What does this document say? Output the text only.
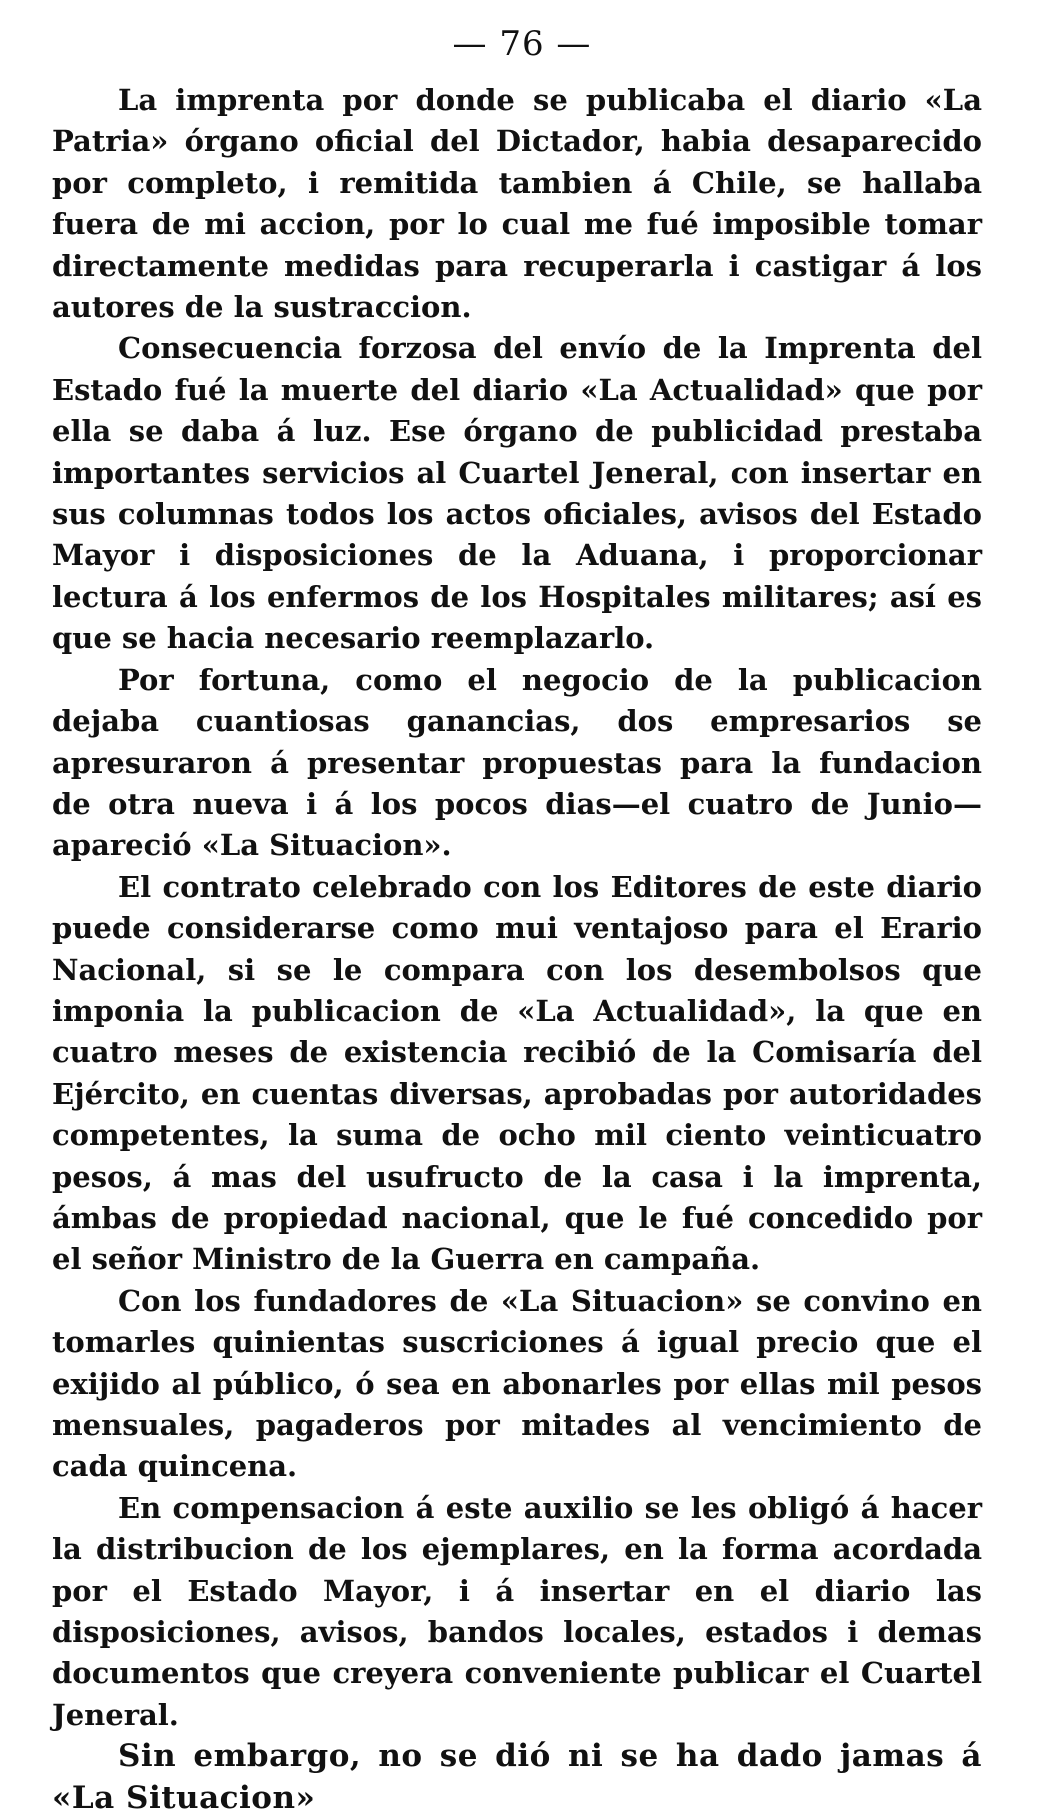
— 76 —

La imprenta por donde se publicaba el diario «La Patria» órgano oficial del Dictador, habia desaparecido por completo, i remitida tambien á Chile, se hallaba fuera de mi accion, por lo cual me fué imposible tomar directamente medidas para recuperarla i castigar á los autores de la sustraccion.

Consecuencia forzosa del envío de la Imprenta del Estado fué la muerte del diario «La Actualidad» que por ella se daba á luz. Ese órgano de publicidad prestaba importantes servicios al Cuartel Jeneral, con insertar en sus columnas todos los actos oficiales, avisos del Estado Mayor i disposiciones de la Aduana, i proporcionar lectura á los enfermos de los Hospitales militares; así es que se hacia necesario reemplazarlo.

Por fortuna, como el negocio de la publicacion dejaba cuantiosas ganancias, dos empresarios se apresuraron á presentar propuestas para la fundacion de otra nueva i á los pocos dias—el cuatro de Junio—apareció «La Situacion».

El contrato celebrado con los Editores de este diario puede considerarse como mui ventajoso para el Erario Nacional, si se le compara con los desembolsos que imponia la publicacion de «La Actualidad», la que en cuatro meses de existencia recibió de la Comisaría del Ejército, en cuentas diversas, aprobadas por autoridades competentes, la suma de ocho mil ciento veinticuatro pesos, á mas del usufructo de la casa i la imprenta, ámbas de propiedad nacional, que le fué concedido por el señor Ministro de la Guerra en campaña.

Con los fundadores de «La Situacion» se convino en tomarles quinientas suscriciones á igual precio que el exijido al público, ó sea en abonarles por ellas mil pesos mensuales, pagaderos por mitades al vencimiento de cada quincena.

En compensacion á este auxilio se les obligó á hacer la distribucion de los ejemplares, en la forma acordada por el Estado Mayor, i á insertar en el diario las disposiciones, avisos, bandos locales, estados i demas documentos que creyera conveniente publicar el Cuartel Jeneral.

Sin embargo, no se dió ni se ha dado jamas á «La Situacion»
